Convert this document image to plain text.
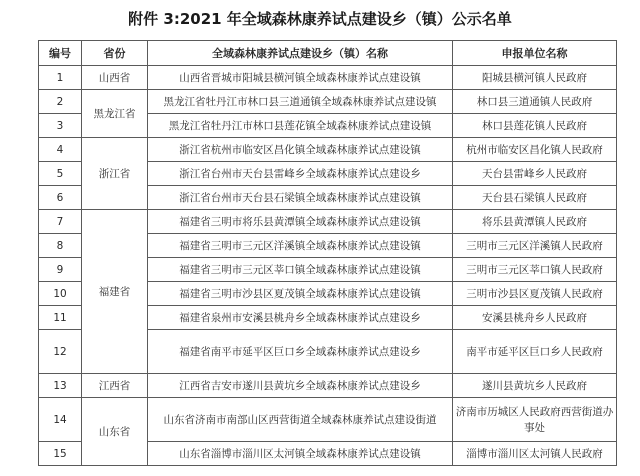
附件 3:2021 年全域森林康养试点建设乡（镇）公示名单
编号	省份	全域森林康养试点建设乡（镇）名称	申报单位名称
1	山西省	山西省晋城市阳城县横河镇全域森林康养试点建设镇	阳城县横河镇人民政府
2	黑龙江省	黑龙江省牡丹江市林口县三道通镇全域森林康养试点建设镇	林口县三道通镇人民政府
3		黑龙江省牡丹江市林口县莲花镇全域森林康养试点建设镇	林口县莲花镇人民政府
4	浙江省	浙江省杭州市临安区昌化镇全域森林康养试点建设镇	杭州市临安区昌化镇人民政府
5		浙江省台州市天台县雷峰乡全域森林康养试点建设乡	天台县雷峰乡人民政府
6		浙江省台州市天台县石梁镇全域森林康养试点建设镇	天台县石梁镇人民政府
7	福建省	福建省三明市将乐县黄潭镇全域森林康养试点建设镇	将乐县黄潭镇人民政府
8		福建省三明市三元区洋溪镇全域森林康养试点建设镇	三明市三元区洋溪镇人民政府
9		福建省三明市三元区莘口镇全域森林康养试点建设镇	三明市三元区莘口镇人民政府
10		福建省三明市沙县区夏茂镇全域森林康养试点建设镇	三明市沙县区夏茂镇人民政府
11		福建省泉州市安溪县桃舟乡全域森林康养试点建设乡	安溪县桃舟乡人民政府
12		福建省南平市延平区巨口乡全域森林康养试点建设乡	南平市延平区巨口乡人民政府
13	江西省	江西省吉安市遂川县黄坑乡全域森林康养试点建设乡	遂川县黄坑乡人民政府
14	山东省	山东省济南市南部山区西营街道全域森林康养试点建设街道	济南市历城区人民政府西营街道办事处
15		山东省淄博市淄川区太河镇全域森林康养试点建设镇	淄博市淄川区太河镇人民政府
